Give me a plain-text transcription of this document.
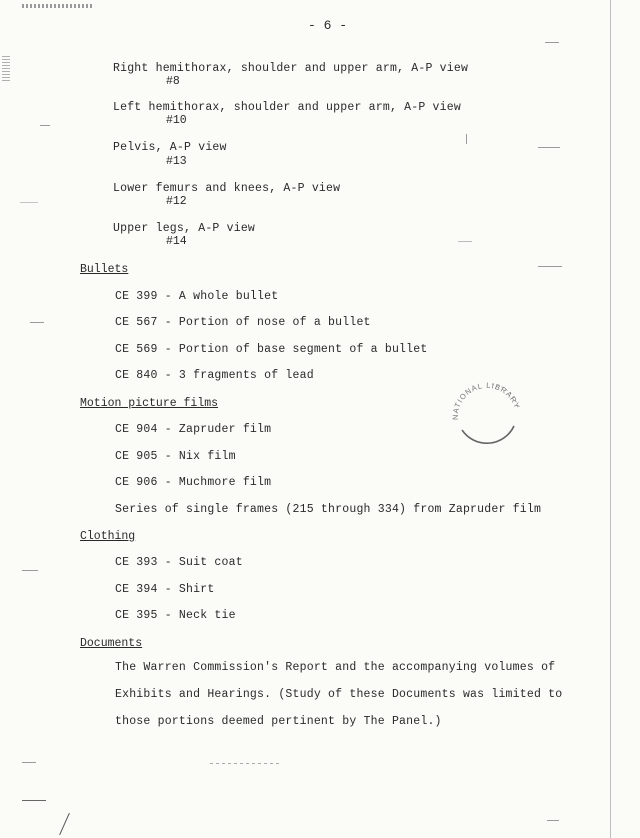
- 6 -
Right hemithorax, shoulder and upper arm, A-P view
#8
Left hemithorax, shoulder and upper arm, A-P view
#10
Pelvis, A-P view
#13
Lower femurs and knees, A-P view
#12
Upper legs, A-P view
#14
Bullets
CE 399 - A whole bullet
CE 567 - Portion of nose of a bullet
CE 569 - Portion of base segment of a bullet
CE 840 - 3 fragments of lead
Motion picture films
CE 904 - Zapruder film
CE 905 - Nix film
CE 906 - Muchmore film
Series of single frames (215 through 334) from Zapruder film
Clothing
CE 393 - Suit coat
CE 394 - Shirt
CE 395 - Neck tie
Documents
The Warren Commission's Report and the accompanying volumes of
Exhibits and Hearings. (Study of these Documents was limited to
those portions deemed pertinent by The Panel.)
NATIONAL LIBRARY
